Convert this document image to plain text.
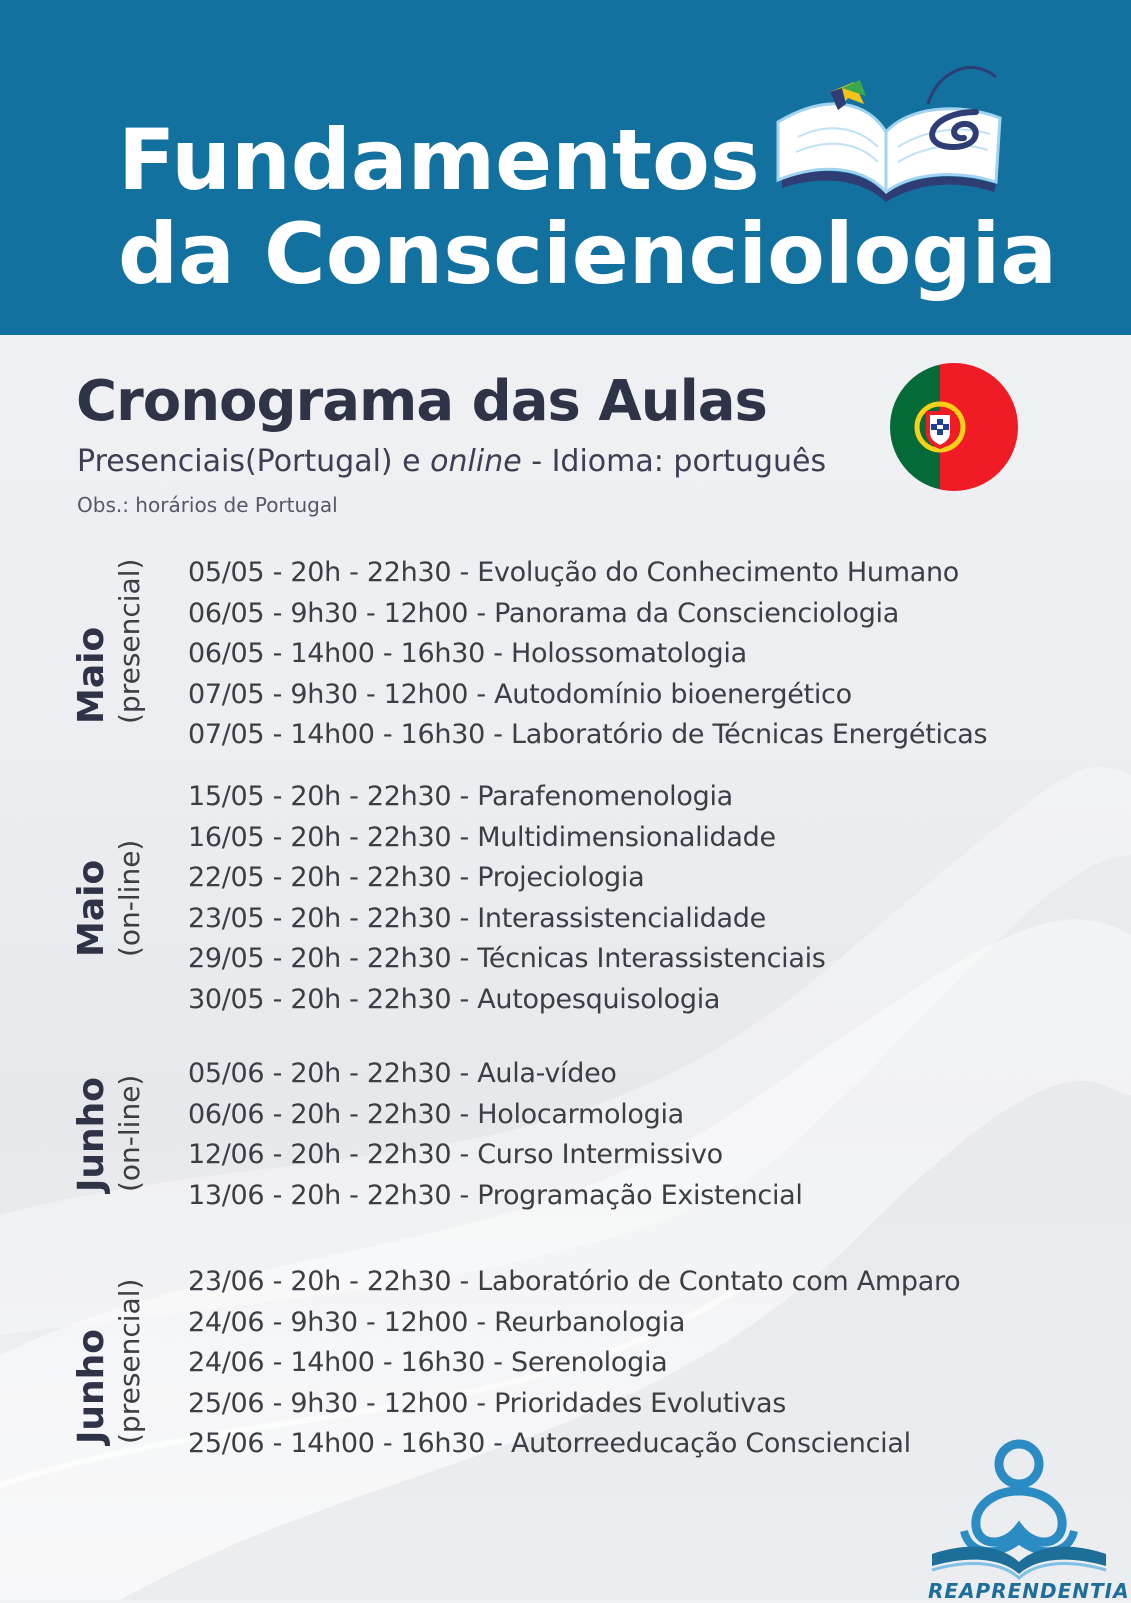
Fundamentos
da Conscienciologia
Cronograma das Aulas
Presenciais(Portugal) e online - Idioma: português
Obs.: horários de Portugal
Maio (presencial) 05/05 - 20h - 22h30 - Evolução do Conhecimento Humano
06/05 - 9h30 - 12h00 - Panorama da Conscienciologia
06/05 - 14h00 - 16h30 - Holossomatologia
07/05 - 9h30 - 12h00 - Autodomínio bioenergético
07/05 - 14h00 - 16h30 - Laboratório de Técnicas Energéticas
Maio (on-line)
15/05 - 20h - 22h30 - Parafenomenologia
16/05 - 20h - 22h30 - Multidimensionalidade
22/05 - 20h - 22h30 - Projeciologia
23/05 - 20h - 22h30 - Interassistencialidade
29/05 - 20h - 22h30 - Técnicas Interassistenciais
30/05 - 20h - 22h30 - Autopesquisologia
Junho (on-line)
05/06 - 20h - 22h30 - Aula-vídeo
06/06 - 20h - 22h30 - Holocarmologia
12/06 - 20h - 22h30 - Curso Intermissivo
13/06 - 20h - 22h30 - Programação Existencial
Junho (presencial) 23/06 - 20h - 22h30 - Laboratório de Contato com Amparo
24/06 - 9h30 - 12h00 - Reurbanologia
24/06 - 14h00 - 16h30 - Serenologia
25/06 - 9h30 - 12h00 - Prioridades Evolutivas
25/06 - 14h00 - 16h30 - Autorreeducação Consciencial
REAPRENDENTIA
